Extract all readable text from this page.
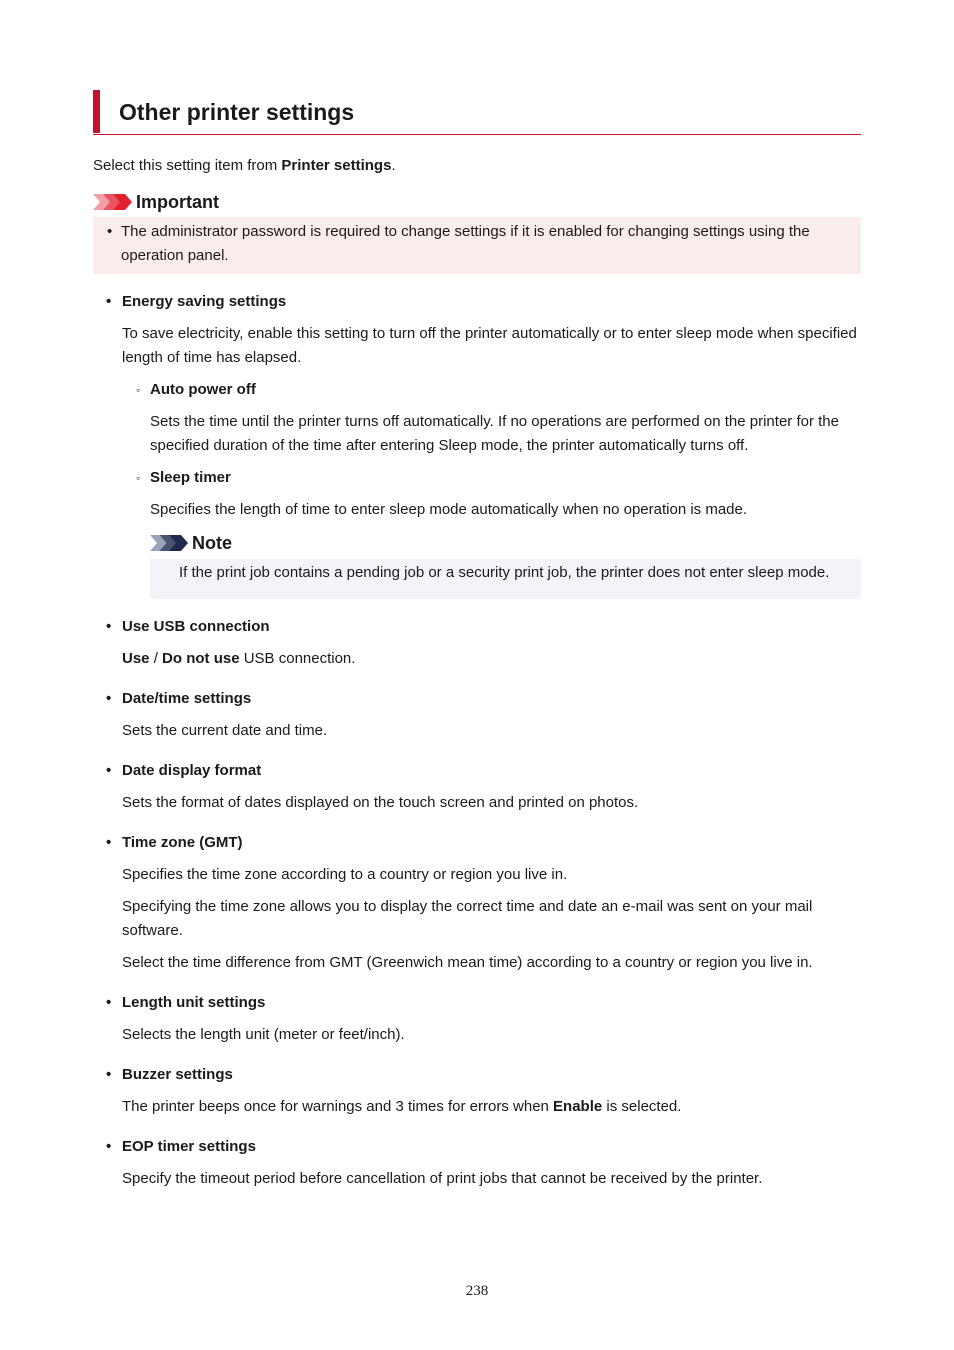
Other printer settings

Select this setting item from Printer settings.

Important
• The administrator password is required to change settings if it is enabled for changing settings using the operation panel.
• Energy saving settings

To save electricity, enable this setting to turn off the printer automatically or to enter sleep mode when specified length of time has elapsed.

◦ Auto power off

Sets the time until the printer turns off automatically. If no operations are performed on the printer for the specified duration of the time after entering Sleep mode, the printer automatically turns off.

◦ Sleep timer

Specifies the length of time to enter sleep mode automatically when no operation is made.

Note
If the print job contains a pending job or a security print job, the printer does not enter sleep mode.
• Use USB connection

Use / Do not use USB connection.

• Date/time settings

Sets the current date and time.

• Date display format

Sets the format of dates displayed on the touch screen and printed on photos.

• Time zone (GMT)

Specifies the time zone according to a country or region you live in.

Specifying the time zone allows you to display the correct time and date an e-mail was sent on your mail software.

Select the time difference from GMT (Greenwich mean time) according to a country or region you live in.

• Length unit settings

Selects the length unit (meter or feet/inch).

• Buzzer settings

The printer beeps once for warnings and 3 times for errors when Enable is selected.

• EOP timer settings

Specify the timeout period before cancellation of print jobs that cannot be received by the printer.

238
